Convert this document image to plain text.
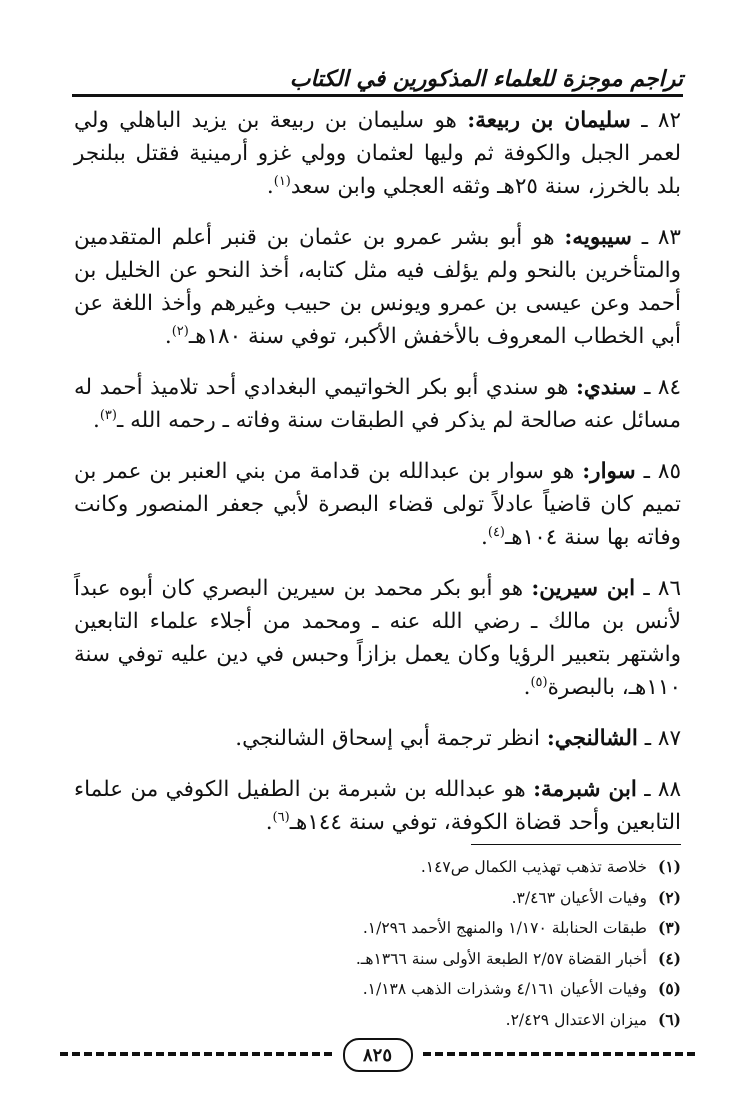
تراجم موجزة للعلماء المذكورين في الكتاب

٨٢ ـ سليمان بن ربيعة: هو سليمان بن ربيعة بن يزيد الباهلي ولي لعمر الجبل والكوفة ثم وليها لعثمان وولي غزو أرمينية فقتل ببلنجر بلد بالخرز، سنة ٢٥هـ وثقه العجلي وابن سعد$^{(١)}$.

٨٣ ـ سيبويه: هو أبو بشر عمرو بن عثمان بن قنبر أعلم المتقدمين والمتأخرين بالنحو ولم يؤلف فيه مثل كتابه، أخذ النحو عن الخليل بن أحمد وعن عيسى بن عمرو ويونس بن حبيب وغيرهم وأخذ اللغة عن أبي الخطاب المعروف بالأخفش الأكبر، توفي سنة ١٨٠هـ$^{(٢)}$.

٨٤ ـ سندي: هو سندي أبو بكر الخواتيمي البغدادي أحد تلاميذ أحمد له مسائل عنه صالحة لم يذكر في الطبقات سنة وفاته ـ رحمه الله ـ$^{(٣)}$.

٨٥ ـ سوار: هو سوار بن عبدالله بن قدامة من بني العنبر بن عمر بن تميم كان قاضياً عادلاً تولى قضاء البصرة لأبي جعفر المنصور وكانت وفاته بها سنة ١٠٤هـ$^{(٤)}$.

٨٦ ـ ابن سيرين: هو أبو بكر محمد بن سيرين البصري كان أبوه عبداً لأنس بن مالك ـ رضي الله عنه ـ ومحمد من أجلاء علماء التابعين واشتهر بتعبير الرؤيا وكان يعمل بزازاً وحبس في دين عليه توفي سنة ١١٠هـ، بالبصرة$^{(٥)}$.

٨٧ ـ الشالنجي: انظر ترجمة أبي إسحاق الشالنجي.

٨٨ ـ ابن شبرمة: هو عبدالله بن شبرمة بن الطفيل الكوفي من علماء التابعين وأحد قضاة الكوفة، توفي سنة ١٤٤هـ$^{(٦)}$.

(١)خلاصة تذهب تهذيب الكمال ص١٤٧.
(٢)وفيات الأعيان ٣/٤٦٣.
(٣)طبقات الحنابلة ١/١٧٠ والمنهج الأحمد ١/٢٩٦.
(٤)أخبار القضاة ٢/٥٧ الطبعة الأولى سنة ١٣٦٦هـ.
(٥)وفيات الأعيان ٤/١٦١ وشذرات الذهب ١/١٣٨.
(٦)ميزان الاعتدال ٢/٤٢٩.
٨٢٥
